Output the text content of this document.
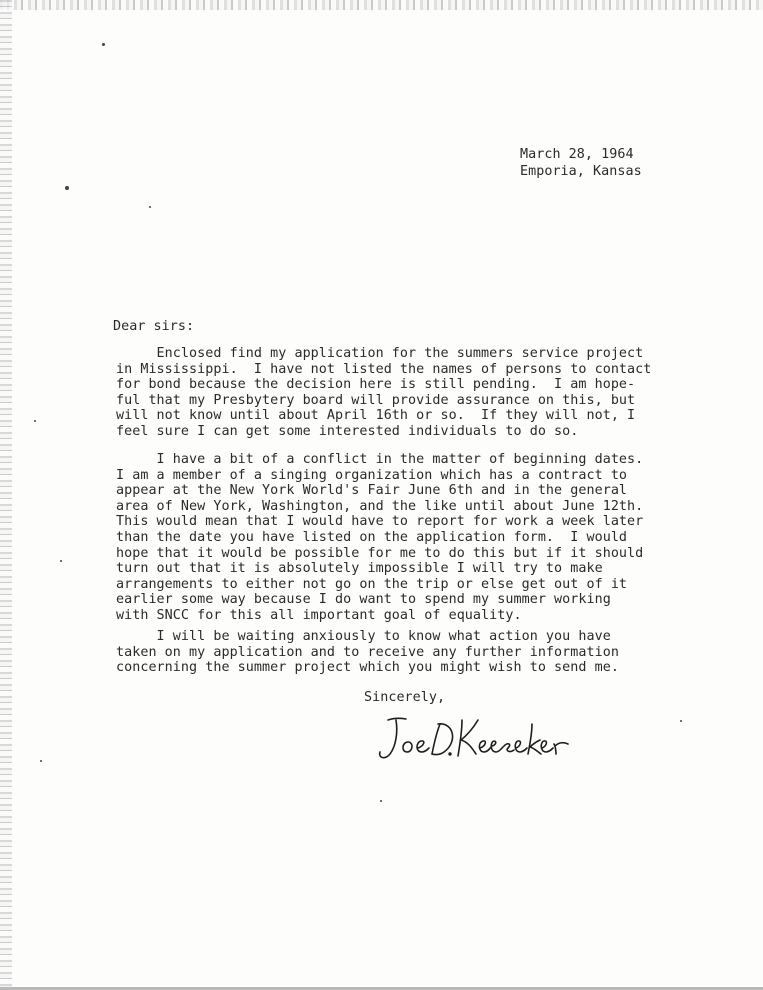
March 28, 1964
Emporia, Kansas
Dear sirs:
Enclosed find my application for the summers service project
in Mississippi.  I have not listed the names of persons to contact
for bond because the decision here is still pending.  I am hope-
ful that my Presbytery board will provide assurance on this, but
will not know until about April 16th or so.  If they will not, I
feel sure I can get some interested individuals to do so.
I have a bit of a conflict in the matter of beginning dates.
I am a member of a singing organization which has a contract to
appear at the New York World's Fair June 6th and in the general
area of New York, Washington, and the like until about June 12th.
This would mean that I would have to report for work a week later
than the date you have listed on the application form.  I would
hope that it would be possible for me to do this but if it should
turn out that it is absolutely impossible I will try to make
arrangements to either not go on the trip or else get out of it
earlier some way because I do want to spend my summer working
with SNCC for this all important goal of equality.
I will be waiting anxiously to know what action you have
taken on my application and to receive any further information
concerning the summer project which you might wish to send me.
Sincerely,
